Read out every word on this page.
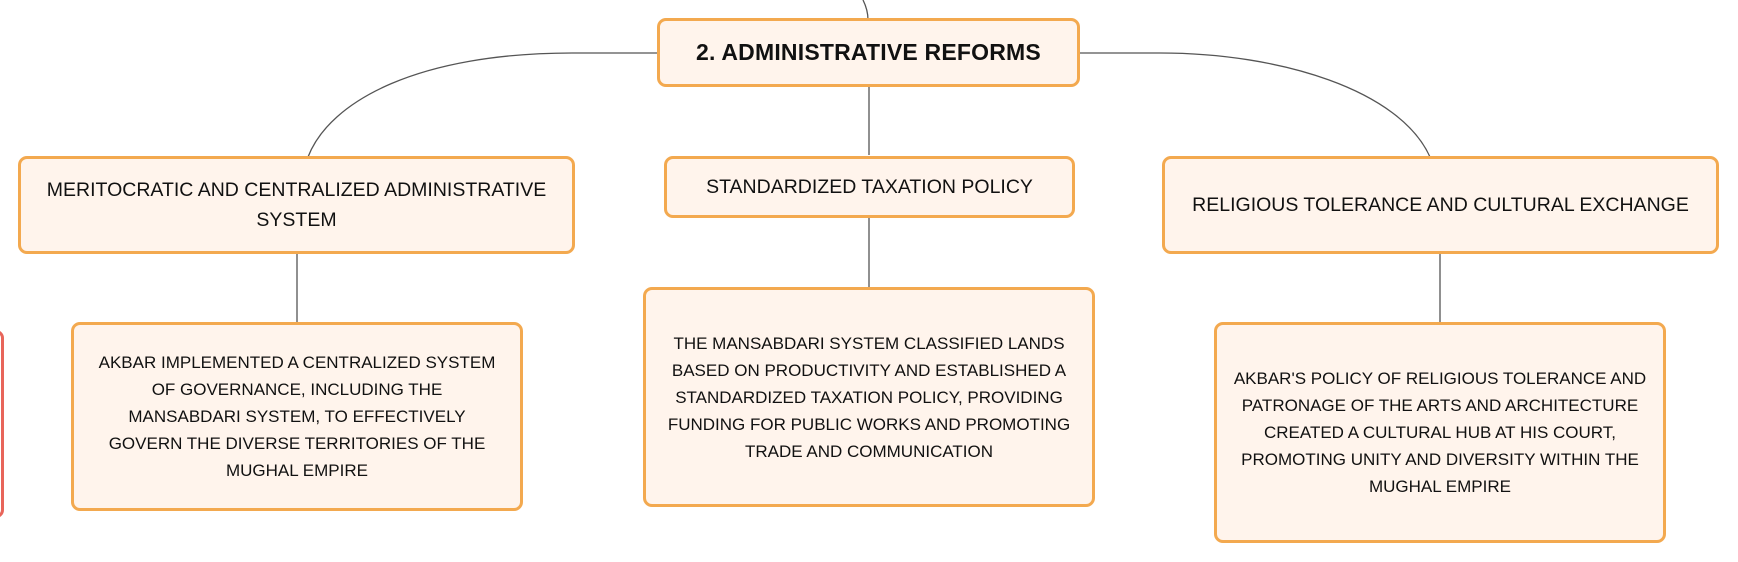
2. ADMINISTRATIVE REFORMS
MERITOCRATIC AND CENTRALIZED ADMINISTRATIVE SYSTEM
STANDARDIZED TAXATION POLICY
RELIGIOUS TOLERANCE AND CULTURAL EXCHANGE
AKBAR IMPLEMENTED A CENTRALIZED SYSTEM OF GOVERNANCE, INCLUDING THE MANSABDARI SYSTEM, TO EFFECTIVELY GOVERN THE DIVERSE TERRITORIES OF THE MUGHAL EMPIRE
THE MANSABDARI SYSTEM CLASSIFIED LANDS BASED ON PRODUCTIVITY AND ESTABLISHED A STANDARDIZED TAXATION POLICY, PROVIDING FUNDING FOR PUBLIC WORKS AND PROMOTING TRADE AND COMMUNICATION
AKBAR'S POLICY OF RELIGIOUS TOLERANCE AND PATRONAGE OF THE ARTS AND ARCHITECTURE CREATED A CULTURAL HUB AT HIS COURT, PROMOTING UNITY AND DIVERSITY WITHIN THE MUGHAL EMPIRE
